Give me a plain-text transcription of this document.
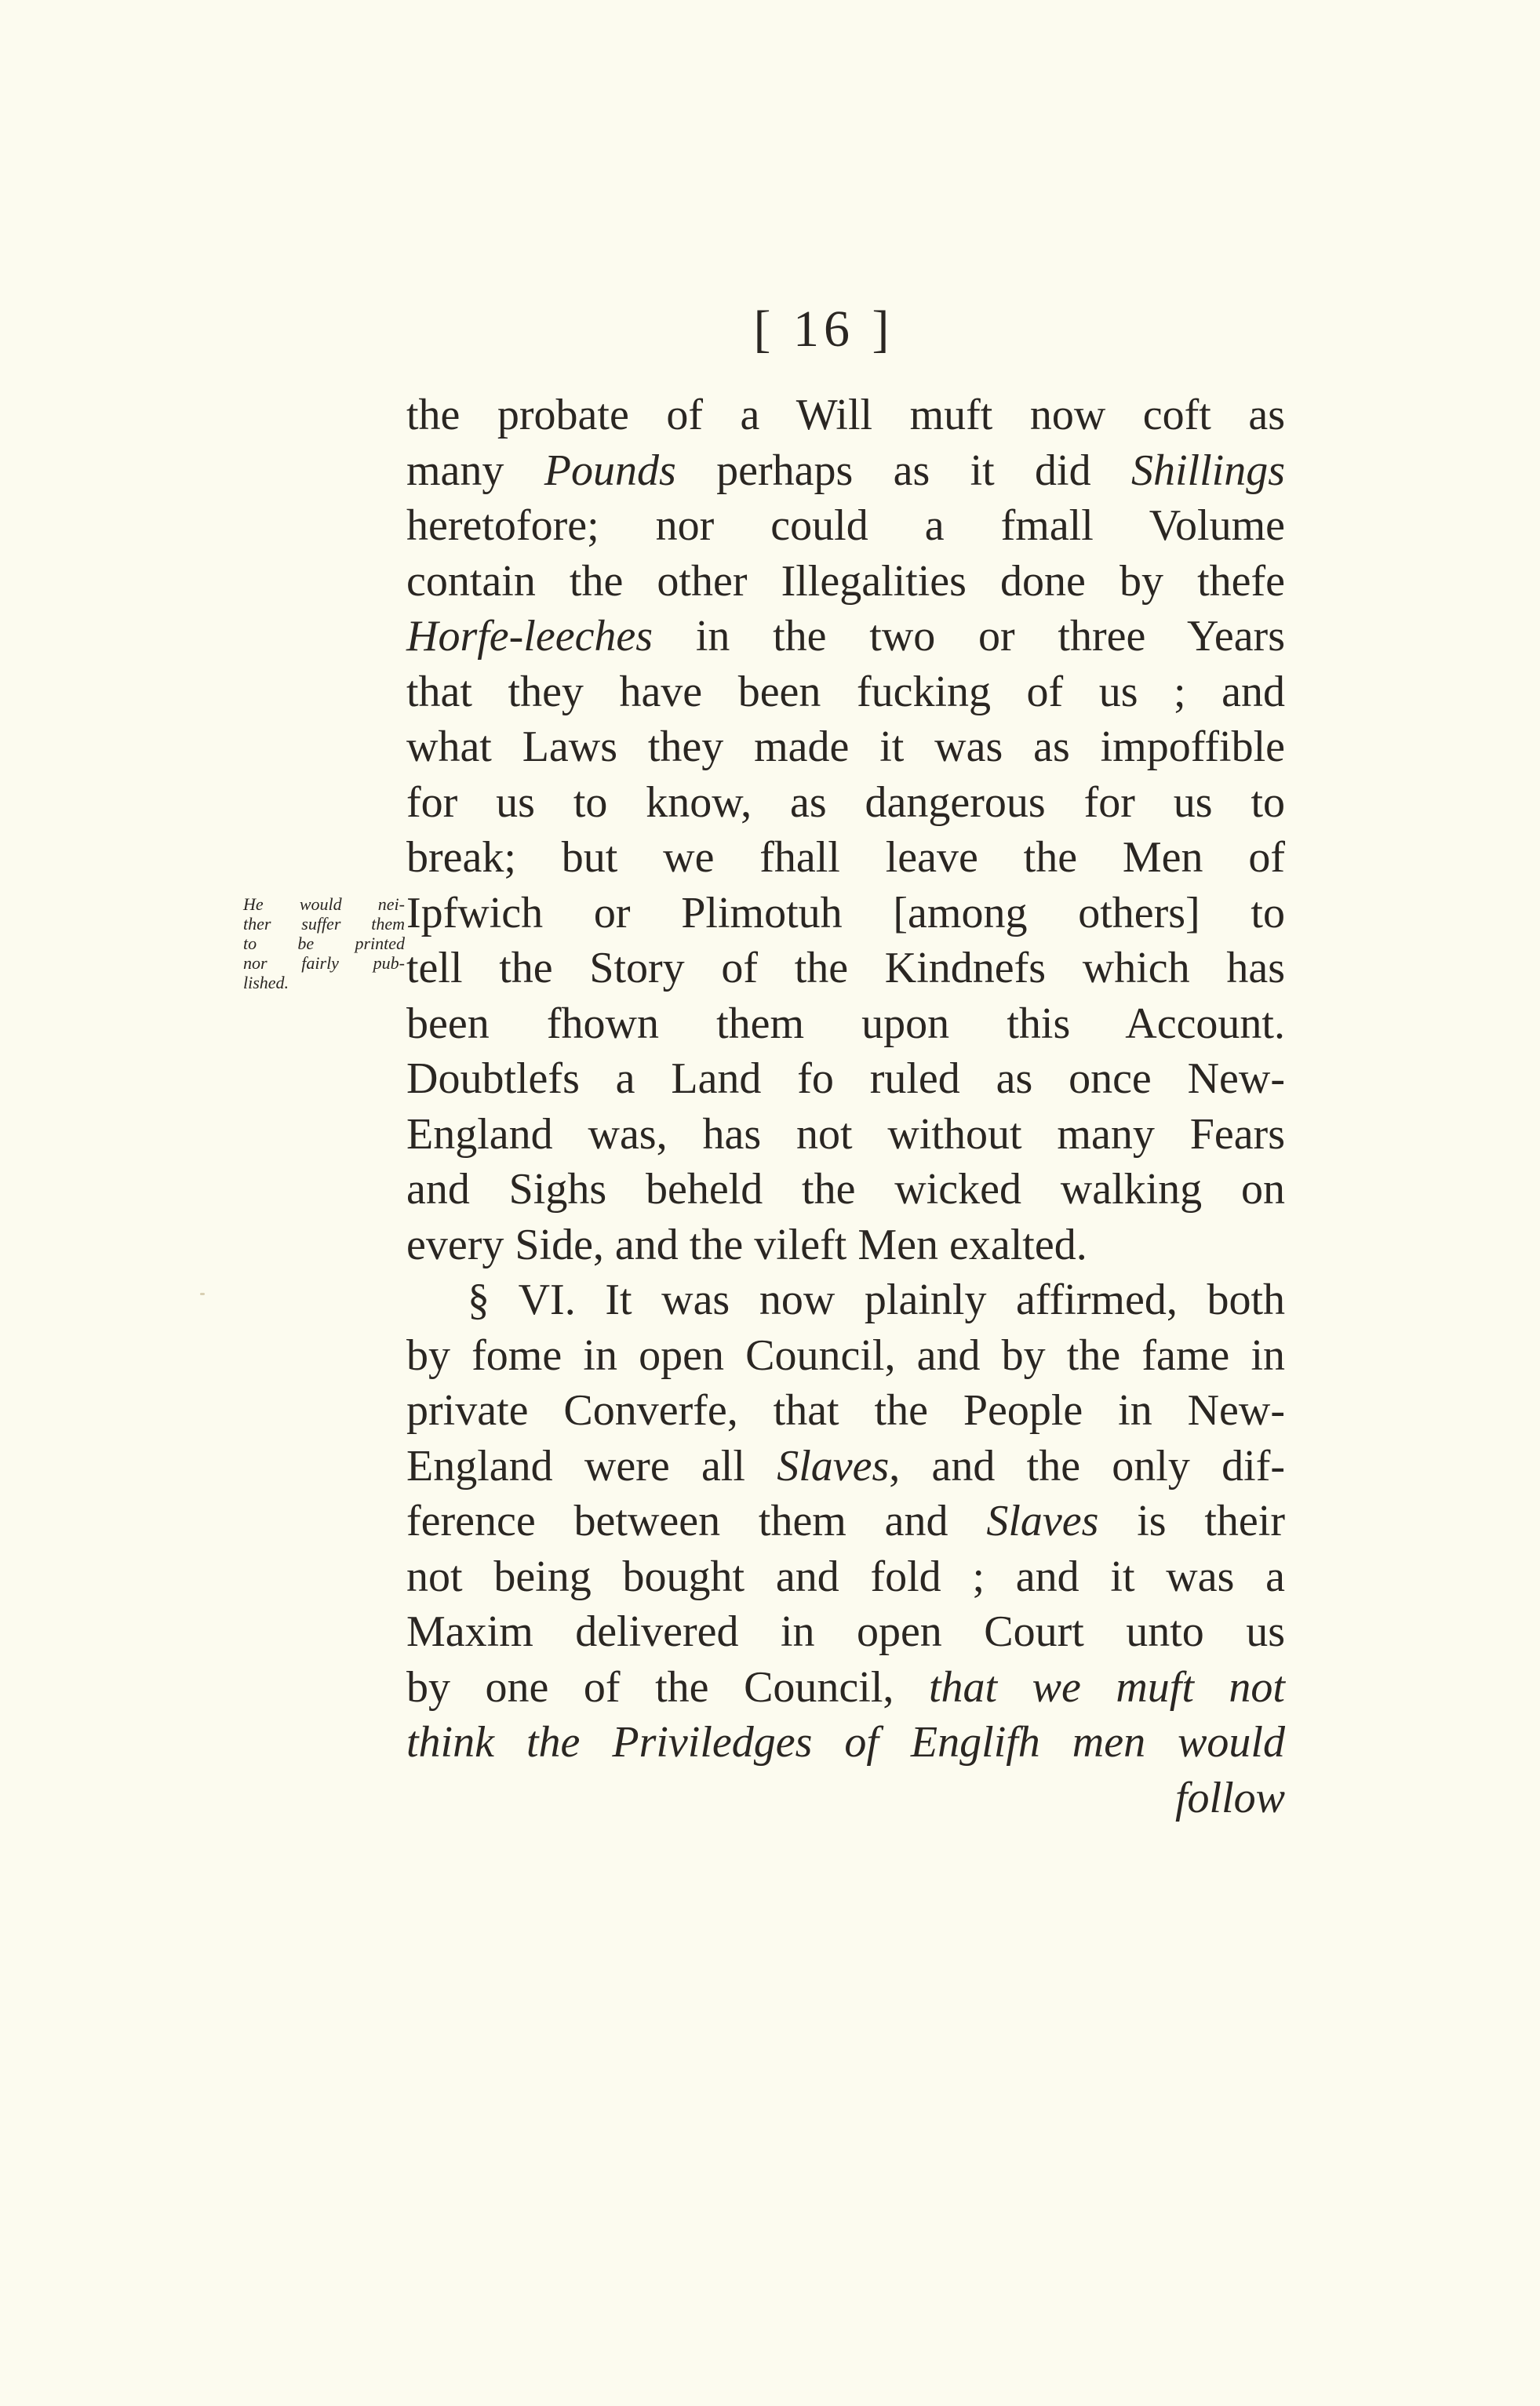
[ 16 ]
He would nei-
ther suffer them
to be printed
nor fairly pub-
lished.
the probate of a Will muft now coft as
many Pounds perhaps as it did Shillings
heretofore; nor could a fmall Volume
contain the other Illegalities done by thefe
Horfe-leeches in the two or three Years
that they have been fucking of us ; and
what Laws they made it was as impoffible
for us to know, as dangerous for us to
break; but we fhall leave the Men of
Ipfwich or Plimotuh [among others] to
tell the Story of the Kindnefs which has
been fhown them upon this Account.
Doubtlefs a Land fo ruled as once New-
England was, has not without many Fears
and Sighs beheld the wicked walking on
every Side, and the vileft Men exalted.
§ VI. It was now plainly affirmed, both
by fome in open Council, and by the fame in
private Converfe, that the People in New-
England were all Slaves, and the only dif-
ference between them and Slaves is their
not being bought and fold ; and it was a
Maxim delivered in open Court unto us
by one of the Council, that we muft not
think the Priviledges of Englifh men would
follow
